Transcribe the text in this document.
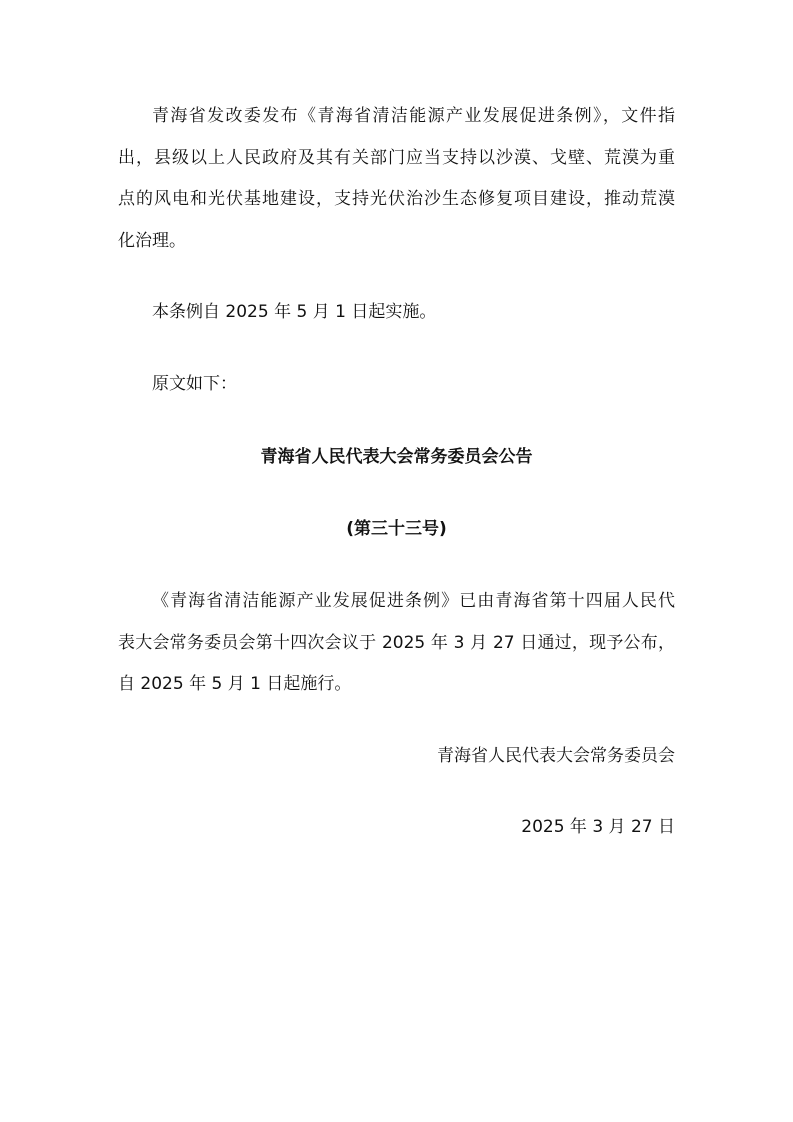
青海省发改委发布《青海省清洁能源产业发展促进条例》，文件指
出，县级以上人民政府及其有关部门应当支持以沙漠、戈壁、荒漠为重
点的风电和光伏基地建设，支持光伏治沙生态修复项目建设，推动荒漠
化治理。
本条例自 2025 年 5 月 1 日起实施。
原文如下：
青海省人民代表大会常务委员会公告
(第三十三号)
《青海省清洁能源产业发展促进条例》已由青海省第十四届人民代
表大会常务委员会第十四次会议于 2025 年 3 月 27 日通过，现予公布，
自 2025 年 5 月 1 日起施行。
青海省人民代表大会常务委员会
2025 年 3 月 27 日
